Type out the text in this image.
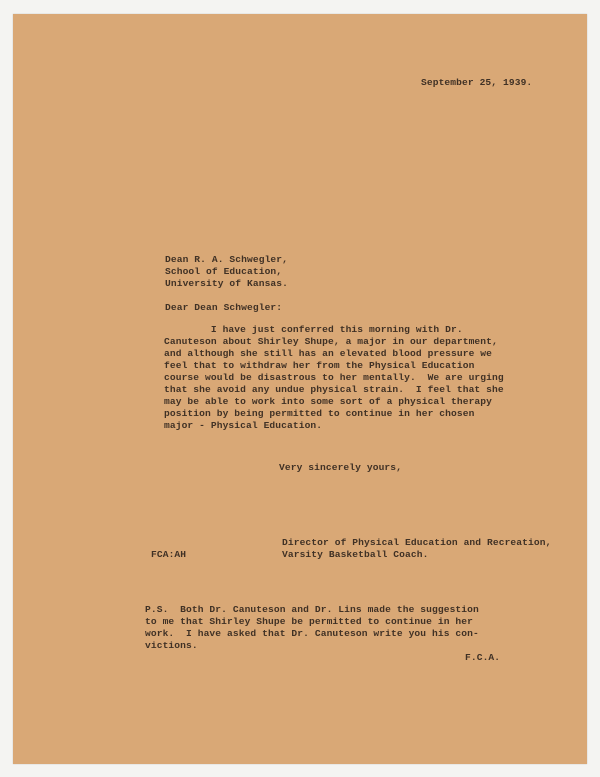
September 25, 1939.
Dean R. A. Schwegler,
School of Education,
University of Kansas.
Dear Dean Schwegler:
I have just conferred this morning with Dr.
Canuteson about Shirley Shupe, a major in our department,
and although she still has an elevated blood pressure we
feel that to withdraw her from the Physical Education
course would be disastrous to her mentally.  We are urging
that she avoid any undue physical strain.  I feel that she
may be able to work into some sort of a physical therapy
position by being permitted to continue in her chosen
major - Physical Education.
Very sincerely yours,
Director of Physical Education and Recreation,
FCA:AH	Varsity Basketball Coach.
P.S.  Both Dr. Canuteson and Dr. Lins made the suggestion
to me that Shirley Shupe be permitted to continue in her
work.  I have asked that Dr. Canuteson write you his con-
victions.
F.C.A.
